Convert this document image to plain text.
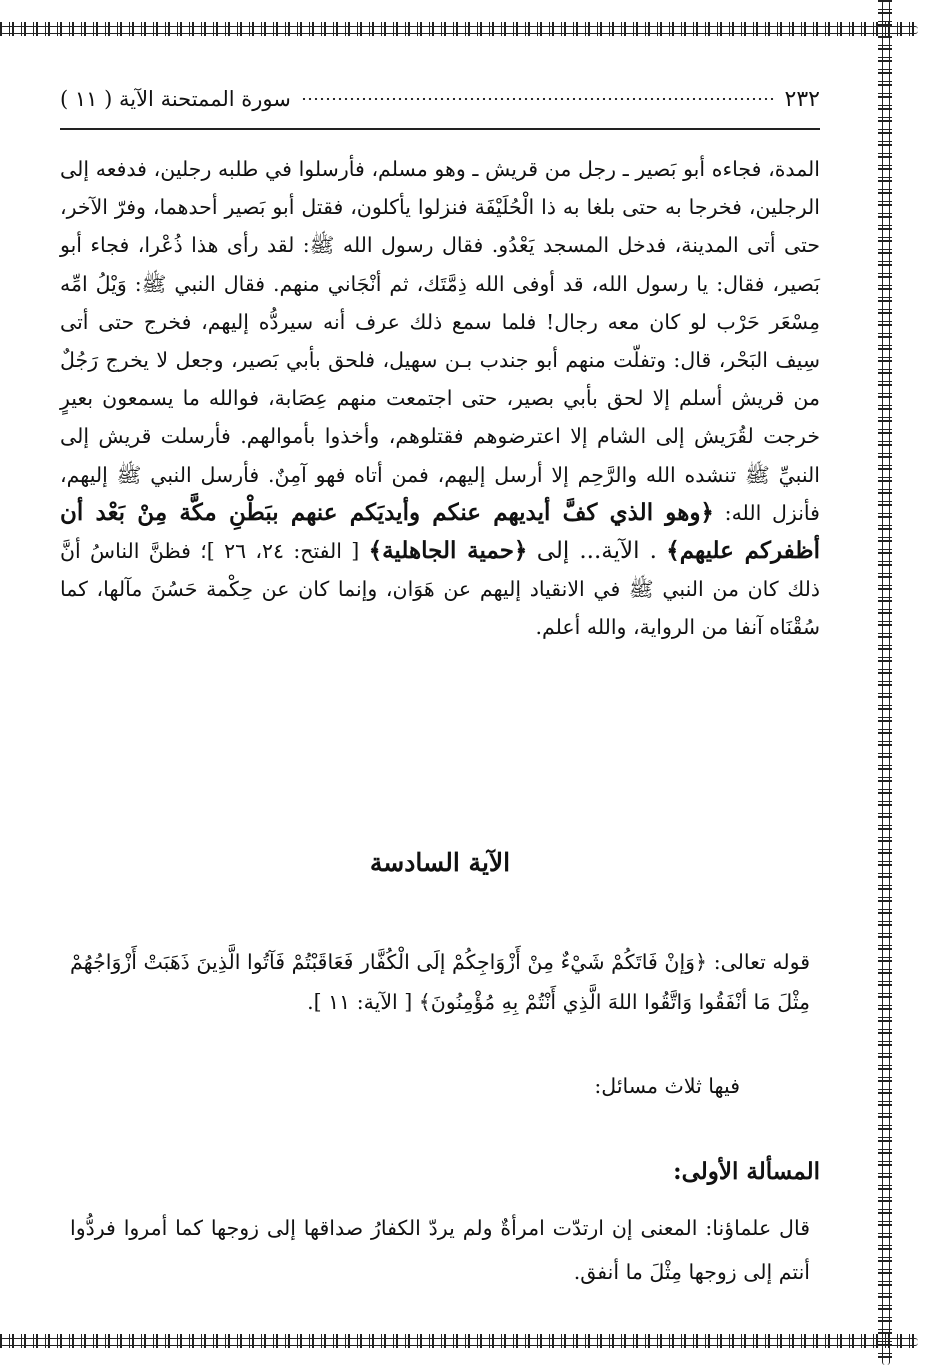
٢٣٢
سورة الممتحنة الآية ( ١١ )
المدة، فجاءه أبو بَصير ـ رجل من قريش ـ وهو مسلم، فأرسلوا في طلبه رجلين، فدفعه إلى الرجلين، فخرجا به حتى بلغا به ذا الْحُلَيْفَة فنزلوا يأكلون، فقتل أبو بَصير أحدهما، وفرّ الآخر، حتى أتى المدينة، فدخل المسجد يَعْدُو. فقال رسول الله ﷺ: لقد رأى هذا ذُعْرا، فجاء أبو بَصير، فقال: يا رسول الله، قد أوفى الله ذِمَّتَك، ثم أنْجَاني منهم. فقال النبي ﷺ: وَيْلُ امِّه مِسْعَر حَرْب لو كان معه رجال! فلما سمع ذلك عرف أنه سيردُّه إليهم، فخرج حتى أتى سِيف البَحْر، قال: وتفلّت منهم أبو جندب بـن سهيل، فلحق بأبي بَصير، وجعل لا يخرج رَجُلٌ من قريش أسلم إلا لحق بأبي بصير، حتى اجتمعت منهم عِصَابة، فوالله ما يسمعون بعيرٍ خرجت لقُرَيش إلى الشام إلا اعترضوهم فقتلوهم، وأخذوا بأموالهم. فأرسلت قريش إلى النبيِّ ﷺ تنشده الله والرَّحِم إلا أرسل إليهم، فمن أتاه فهو آمِنٌ. فأرسل النبي ﷺ إليهم، فأنزل الله: ﴿وهو الذي كفَّ أيديهم عنكم وأيديَكم عنهم ببَطْنِ مكَّة مِنْ بَعْد أن أظفركم عليهم﴾ . الآية... إلى ﴿حمية الجاهلية﴾ [ الفتح: ٢٤، ٢٦ ]؛ فظنَّ الناسُ أنَّ ذلك كان من النبي ﷺ في الانقياد إليهم عن هَوَان، وإنما كان عن حِكْمة حَسُنَ مآلها، كما سُقْنَاه آنفا من الرواية، والله أعلم.
الآية السادسة
قوله تعالى: ﴿وَإنْ فَاتَكُمْ شَيْءٌ مِنْ أَزْوَاجِكُمْ إلَى الْكُفَّار فَعَاقَبْتُمْ فَآتُوا الَّذِينَ ذَهَبَتْ أَزْوَاجُهُمْ مِثْلَ مَا أنْفَقُوا وَاتَّقُوا اللهَ الَّذِي أَنْتُمْ بِهِ مُؤْمِنُونَ﴾ [ الآية: ١١ ].
فيها ثلاث مسائل:
المسألة الأولى:
قال علماؤنا: المعنى إن ارتدّت امرأةٌ ولم يردّ الكفارُ صداقها إلى زوجها كما أمروا فردُّوا أنتم إلى زوجها مِثْلَ ما أنفق.
